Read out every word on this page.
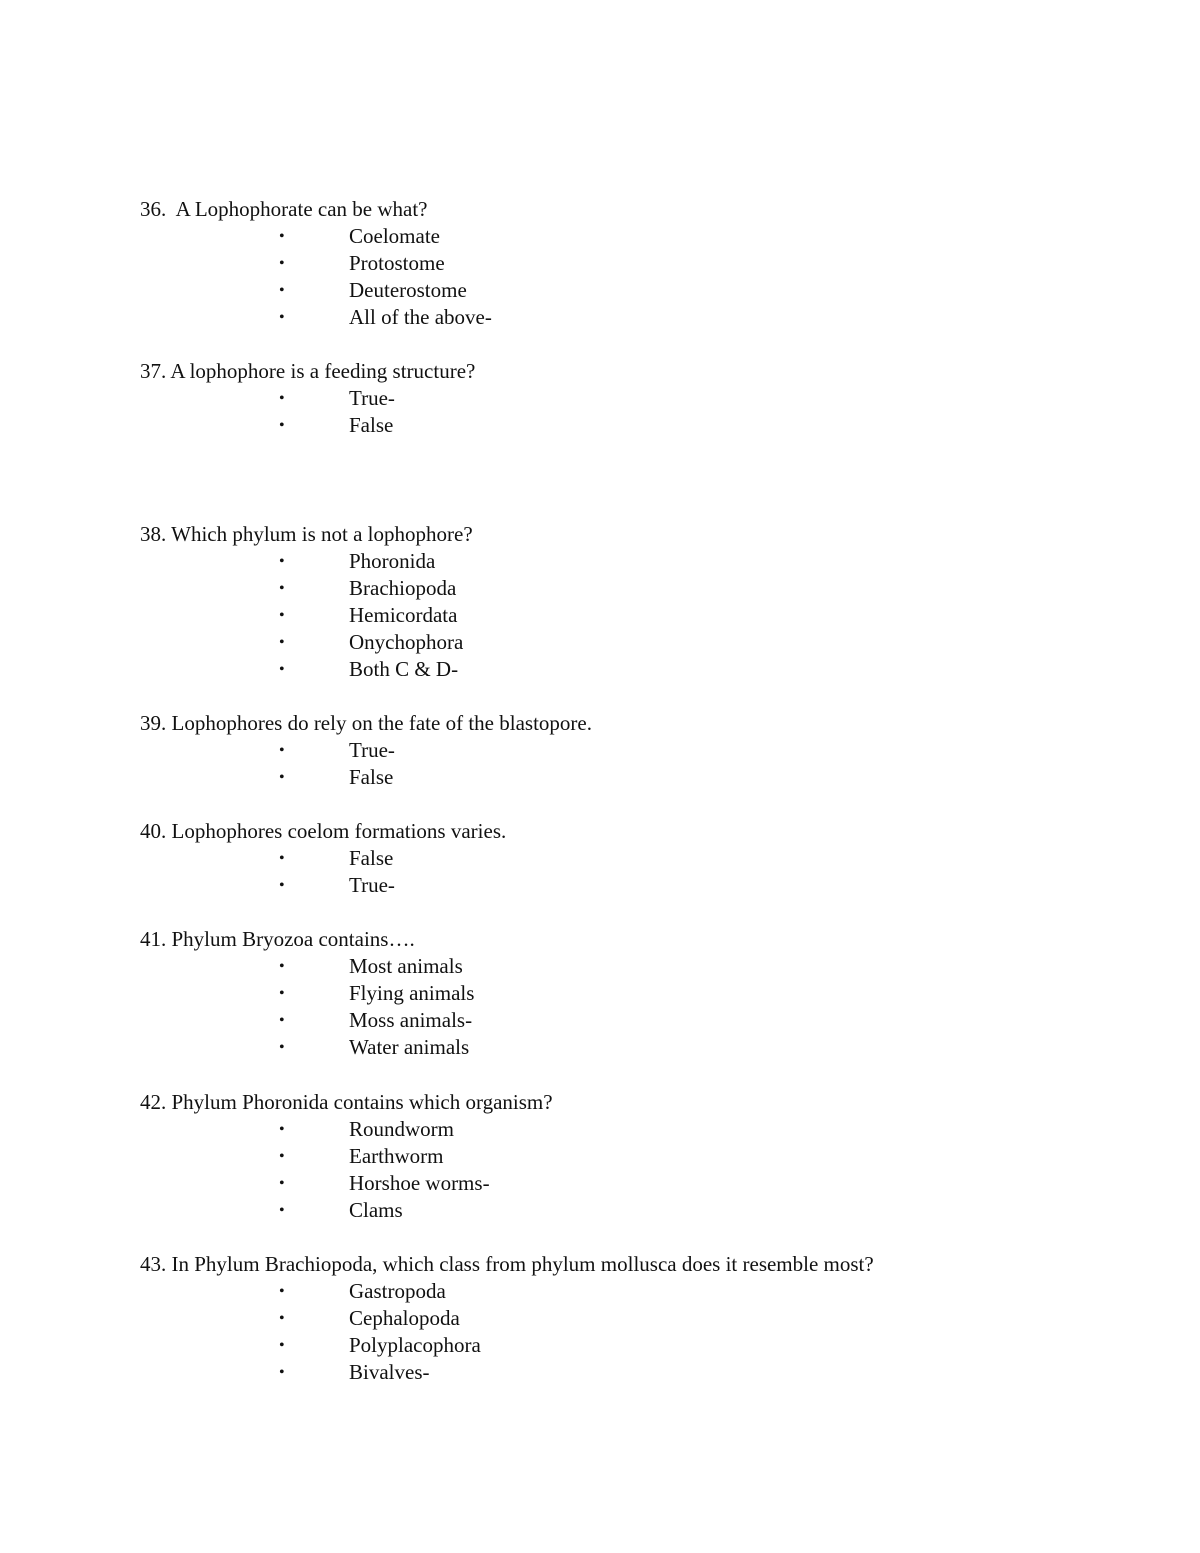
36.  A Lophophorate can be what?
•	Coelomate
•	Protostome
•	Deuterostome
•	All of the above-
37. A lophophore is a feeding structure?
•	True-
•	False
38. Which phylum is not a lophophore?
•	Phoronida
•	Brachiopoda
•	Hemicordata
•	Onychophora
•	Both C & D-
39. Lophophores do rely on the fate of the blastopore.
•	True-
•	False
40. Lophophores coelom formations varies.
•	False
•	True-
41. Phylum Bryozoa contains….
•	Most animals
•	Flying animals
•	Moss animals-
•	Water animals
42. Phylum Phoronida contains which organism?
•	Roundworm
•	Earthworm
•	Horshoe worms-
•	Clams
43. In Phylum Brachiopoda, which class from phylum mollusca does it resemble most?
•	Gastropoda
•	Cephalopoda
•	Polyplacophora
•	Bivalves-
